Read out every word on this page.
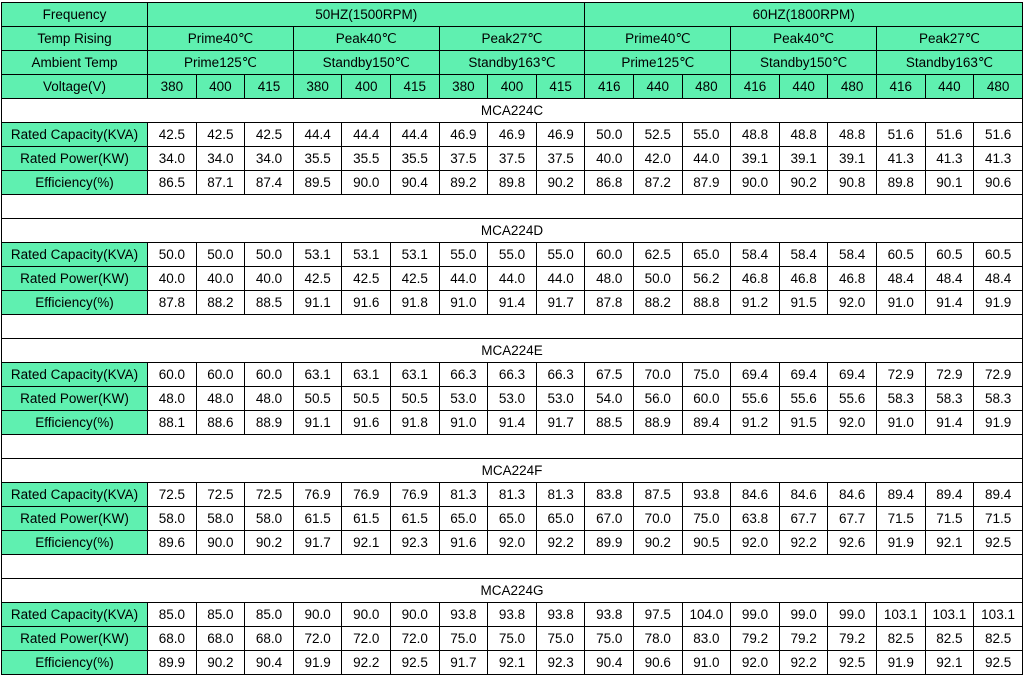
Frequency	50HZ(1500RPM)									60HZ(1800RPM)								
Temp Rising	Prime40℃			Peak40℃			Peak27℃			Prime40℃			Peak40℃			Peak27℃		
Ambient Temp	Prime125℃			Standby150℃			Standby163℃			Prime125℃			Standby150℃			Standby163℃		
Voltage(V)	380	400	415	380	400	415	380	400	415	416	440	480	416	440	480	416	440	480
MCA224C																		
Rated Capacity(KVA)	42.5	42.5	42.5	44.4	44.4	44.4	46.9	46.9	46.9	50.0	52.5	55.0	48.8	48.8	48.8	51.6	51.6	51.6
Rated Power(KW)	34.0	34.0	34.0	35.5	35.5	35.5	37.5	37.5	37.5	40.0	42.0	44.0	39.1	39.1	39.1	41.3	41.3	41.3
Efficiency(%)	86.5	87.1	87.4	89.5	90.0	90.4	89.2	89.8	90.2	86.8	87.2	87.9	90.0	90.2	90.8	89.8	90.1	90.6

MCA224D																		
Rated Capacity(KVA)	50.0	50.0	50.0	53.1	53.1	53.1	55.0	55.0	55.0	60.0	62.5	65.0	58.4	58.4	58.4	60.5	60.5	60.5
Rated Power(KW)	40.0	40.0	40.0	42.5	42.5	42.5	44.0	44.0	44.0	48.0	50.0	56.2	46.8	46.8	46.8	48.4	48.4	48.4
Efficiency(%)	87.8	88.2	88.5	91.1	91.6	91.8	91.0	91.4	91.7	87.8	88.2	88.8	91.2	91.5	92.0	91.0	91.4	91.9

MCA224E																		
Rated Capacity(KVA)	60.0	60.0	60.0	63.1	63.1	63.1	66.3	66.3	66.3	67.5	70.0	75.0	69.4	69.4	69.4	72.9	72.9	72.9
Rated Power(KW)	48.0	48.0	48.0	50.5	50.5	50.5	53.0	53.0	53.0	54.0	56.0	60.0	55.6	55.6	55.6	58.3	58.3	58.3
Efficiency(%)	88.1	88.6	88.9	91.1	91.6	91.8	91.0	91.4	91.7	88.5	88.9	89.4	91.2	91.5	92.0	91.0	91.4	91.9

MCA224F																		
Rated Capacity(KVA)	72.5	72.5	72.5	76.9	76.9	76.9	81.3	81.3	81.3	83.8	87.5	93.8	84.6	84.6	84.6	89.4	89.4	89.4
Rated Power(KW)	58.0	58.0	58.0	61.5	61.5	61.5	65.0	65.0	65.0	67.0	70.0	75.0	63.8	67.7	67.7	71.5	71.5	71.5
Efficiency(%)	89.6	90.0	90.2	91.7	92.1	92.3	91.6	92.0	92.2	89.9	90.2	90.5	92.0	92.2	92.6	91.9	92.1	92.5

MCA224G																		
Rated Capacity(KVA)	85.0	85.0	85.0	90.0	90.0	90.0	93.8	93.8	93.8	93.8	97.5	104.0	99.0	99.0	99.0	103.1	103.1	103.1
Rated Power(KW)	68.0	68.0	68.0	72.0	72.0	72.0	75.0	75.0	75.0	75.0	78.0	83.0	79.2	79.2	79.2	82.5	82.5	82.5
Efficiency(%)	89.9	90.2	90.4	91.9	92.2	92.5	91.7	92.1	92.3	90.4	90.6	91.0	92.0	92.2	92.5	91.9	92.1	92.5
